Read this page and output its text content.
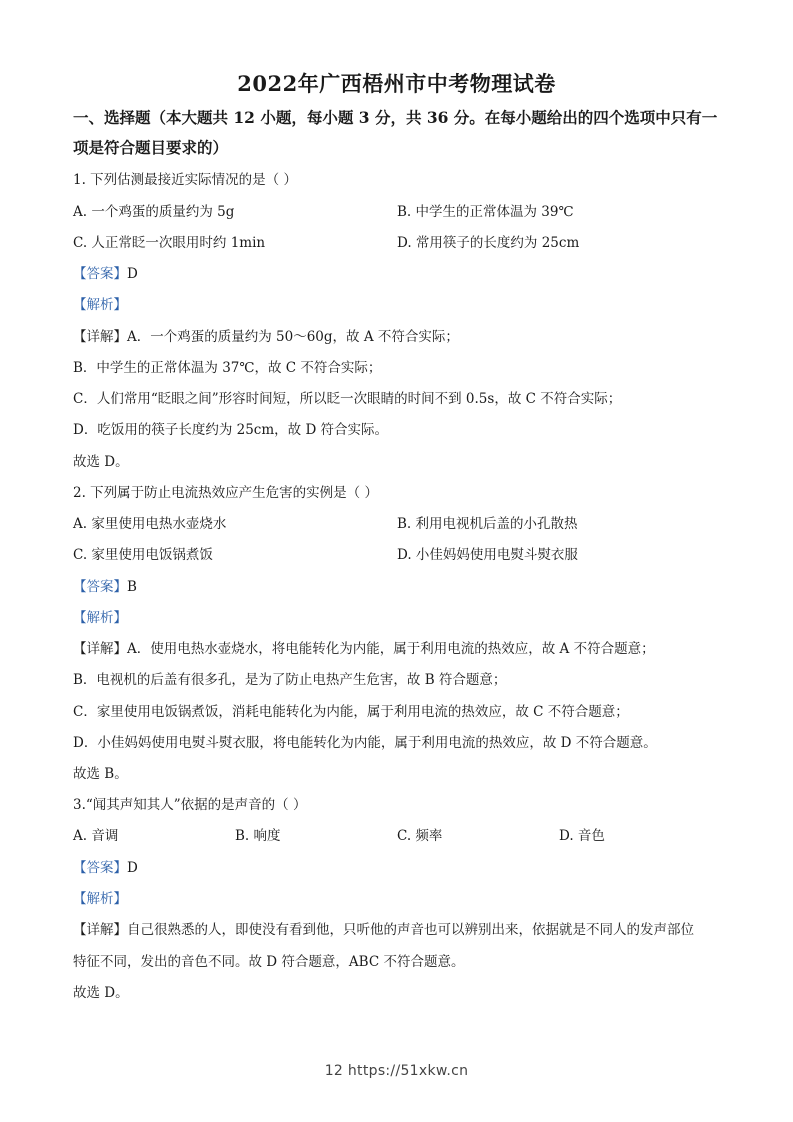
2022年广西梧州市中考物理试卷
一、选择题（本大题共 12 小题，每小题 3 分，共 36 分。在每小题给出的四个选项中只有一项是符合题目要求的）
1. 下列估测最接近实际情况的是（ ）
A. 一个鸡蛋的质量约为 5g	B. 中学生的正常体温为 39℃
C. 人正常眨一次眼用时约 1min	D. 常用筷子的长度约为 25cm
【答案】D
【解析】
【详解】A．一个鸡蛋的质量约为 50～60g，故 A 不符合实际；
B．中学生的正常体温为 37℃，故 C 不符合实际；
C．人们常用“眨眼之间”形容时间短，所以眨一次眼睛的时间不到 0.5s，故 C 不符合实际；
D．吃饭用的筷子长度约为 25cm，故 D 符合实际。
故选 D。
2. 下列属于防止电流热效应产生危害的实例是（ ）
A. 家里使用电热水壶烧水	B. 利用电视机后盖的小孔散热
C. 家里使用电饭锅煮饭	D. 小佳妈妈使用电熨斗熨衣服
【答案】B
【解析】
【详解】A．使用电热水壶烧水，将电能转化为内能，属于利用电流的热效应，故 A 不符合题意；
B．电视机的后盖有很多孔，是为了防止电热产生危害，故 B 符合题意；
C．家里使用电饭锅煮饭，消耗电能转化为内能，属于利用电流的热效应，故 C 不符合题意；
D．小佳妈妈使用电熨斗熨衣服，将电能转化为内能，属于利用电流的热效应，故 D 不符合题意。
故选 B。
3.“闻其声知其人”依据的是声音的（ ）
A. 音调	B. 响度	C. 频率	D. 音色
【答案】D
【解析】
【详解】自己很熟悉的人，即使没有看到他，只听他的声音也可以辨别出来，依据就是不同人的发声部位
特征不同，发出的音色不同。故 D 符合题意，ABC 不符合题意。
故选 D。
12 https://51xkw.cn
